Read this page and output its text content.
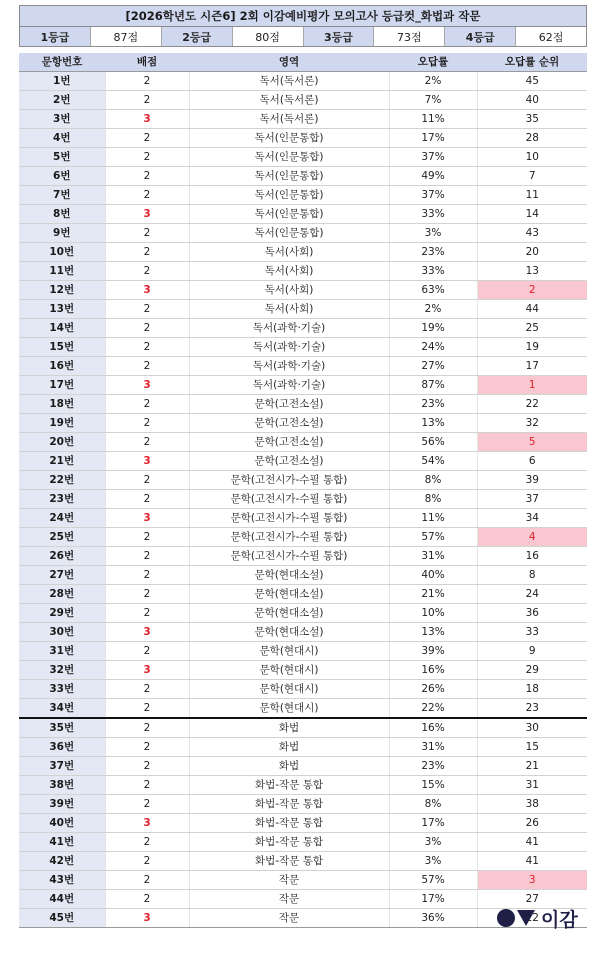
[2026학년도 시즌6] 2회 이감예비평가 모의고사 등급컷_화법과 작문
1등급	87점	2등급	80점	3등급	73점	4등급	62점
문항번호	배점	영역	오답률	오답률 순위
1번	2	독서(독서론)	2%	45
2번	2	독서(독서론)	7%	40
3번	3	독서(독서론)	11%	35
4번	2	독서(인문통합)	17%	28
5번	2	독서(인문통합)	37%	10
6번	2	독서(인문통합)	49%	7
7번	2	독서(인문통합)	37%	11
8번	3	독서(인문통합)	33%	14
9번	2	독서(인문통합)	3%	43
10번	2	독서(사회)	23%	20
11번	2	독서(사회)	33%	13
12번	3	독서(사회)	63%	2
13번	2	독서(사회)	2%	44
14번	2	독서(과학·기술)	19%	25
15번	2	독서(과학·기술)	24%	19
16번	2	독서(과학·기술)	27%	17
17번	3	독서(과학·기술)	87%	1
18번	2	문학(고전소설)	23%	22
19번	2	문학(고전소설)	13%	32
20번	2	문학(고전소설)	56%	5
21번	3	문학(고전소설)	54%	6
22번	2	문학(고전시가-수필 통합)	8%	39
23번	2	문학(고전시가-수필 통합)	8%	37
24번	3	문학(고전시가-수필 통합)	11%	34
25번	2	문학(고전시가-수필 통합)	57%	4
26번	2	문학(고전시가-수필 통합)	31%	16
27번	2	문학(현대소설)	40%	8
28번	2	문학(현대소설)	21%	24
29번	2	문학(현대소설)	10%	36
30번	3	문학(현대소설)	13%	33
31번	2	문학(현대시)	39%	9
32번	3	문학(현대시)	16%	29
33번	2	문학(현대시)	26%	18
34번	2	문학(현대시)	22%	23
35번	2	화법	16%	30
36번	2	화법	31%	15
37번	2	화법	23%	21
38번	2	화법-작문 통합	15%	31
39번	2	화법-작문 통합	8%	38
40번	3	화법-작문 통합	17%	26
41번	2	화법-작문 통합	3%	41
42번	2	화법-작문 통합	3%	41
43번	2	작문	57%	3
44번	2	작문	17%	27
45번	3	작문	36%	12 이감
